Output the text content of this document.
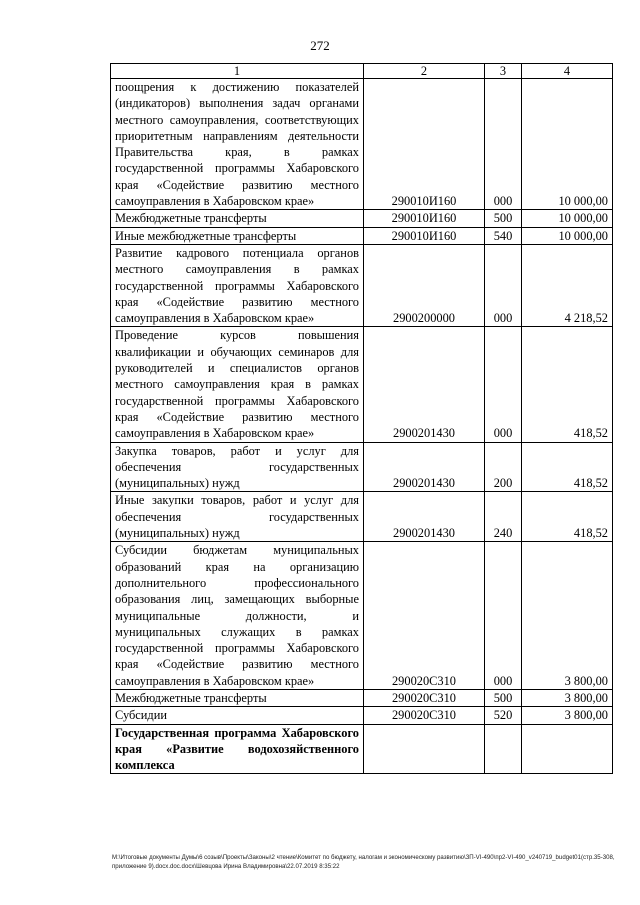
272
1	2	3	4
поощрения к достижению показателей (индикаторов) выполнения задач органами местного самоуправления, соответствующих приоритетным направлениям деятельности Правительства края, в рамках государственной программы Хабаровского края «Содействие развитию местного самоуправления в Хабаровском крае»	290010И160	000	10 000,00
Межбюджетные трансферты	290010И160	500	10 000,00
Иные межбюджетные трансферты	290010И160	540	10 000,00
Развитие кадрового потенциала органов местного самоуправления в рамках государственной программы Хабаровского края «Содействие развитию местного самоуправления в Хабаровском крае»	2900200000	000	4 218,52
Проведение курсов повышения квалификации и обучающих семинаров для руководителей и специалистов органов местного самоуправления края в рамках государственной программы Хабаровского края «Содействие развитию местного самоуправления в Хабаровском крае»	2900201430	000	418,52
Закупка товаров, работ и услуг для обеспечения государственных (муниципальных) нужд	2900201430	200	418,52
Иные закупки товаров, работ и услуг для обеспечения государственных (муниципальных) нужд	2900201430	240	418,52
Субсидии бюджетам муниципальных образований края на организацию дополнительного профессионального образования лиц, замещающих выборные муниципальные должности, и муниципальных служащих в рамках государственной программы Хабаровского края «Содействие развитию местного самоуправления в Хабаровском крае»	290020С310	000	3 800,00
Межбюджетные трансферты	290020С310	500	3 800,00
Субсидии	290020С310	520	3 800,00
Государственная программа Хабаровского края «Развитие водохозяйственного комплекса			
M:\Итоговые документы Думы\6 созыв\Проекты\Законы\2 чтение\Комитет по бюджету, налогам и экономическому развитию\ЗП-VI-490\пр2-VI-490_v240719_budget01(стр.35-308, приложение 9).docx.doc.docx\Шевцова Ирина Владимировна\22.07.2019 8:35:22
